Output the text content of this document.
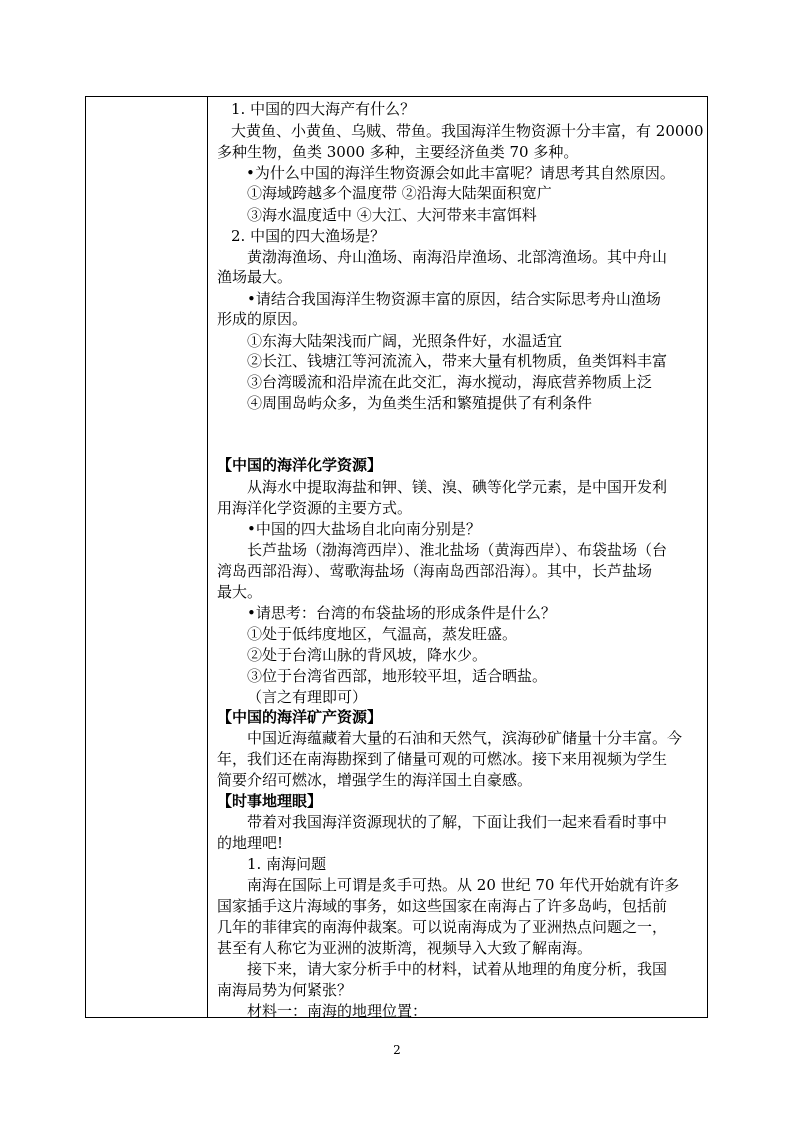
1. 中国的四大海产有什么？
大黄鱼、小黄鱼、乌贼、带鱼。我国海洋生物资源十分丰富，有 20000
多种生物，鱼类 3000 多种，主要经济鱼类 70 多种。
•为什么中国的海洋生物资源会如此丰富呢？请思考其自然原因。
①海域跨越多个温度带 ②沿海大陆架面积宽广
③海水温度适中 ④大江、大河带来丰富饵料
2. 中国的四大渔场是？
黄渤海渔场、舟山渔场、南海沿岸渔场、北部湾渔场。其中舟山
渔场最大。
•请结合我国海洋生物资源丰富的原因，结合实际思考舟山渔场
形成的原因。
①东海大陆架浅而广阔，光照条件好，水温适宜
②长江、钱塘江等河流流入，带来大量有机物质，鱼类饵料丰富
③台湾暖流和沿岸流在此交汇，海水搅动，海底营养物质上泛
④周围岛屿众多，为鱼类生活和繁殖提供了有利条件
【中国的海洋化学资源】
从海水中提取海盐和钾、镁、溴、碘等化学元素，是中国开发利
用海洋化学资源的主要方式。
•中国的四大盐场自北向南分别是？
长芦盐场（渤海湾西岸）、淮北盐场（黄海西岸）、布袋盐场（台
湾岛西部沿海）、莺歌海盐场（海南岛西部沿海）。其中，长芦盐场
最大。
•请思考：台湾的布袋盐场的形成条件是什么？
①处于低纬度地区，气温高，蒸发旺盛。
②处于台湾山脉的背风坡，降水少。
③位于台湾省西部，地形较平坦，适合晒盐。
（言之有理即可）
【中国的海洋矿产资源】
中国近海蕴藏着大量的石油和天然气，滨海砂矿储量十分丰富。今
年，我们还在南海勘探到了储量可观的可燃冰。接下来用视频为学生
简要介绍可燃冰，增强学生的海洋国土自豪感。
【时事地理眼】
带着对我国海洋资源现状的了解，下面让我们一起来看看时事中
的地理吧!
1. 南海问题
南海在国际上可谓是炙手可热。从 20 世纪 70 年代开始就有许多
国家插手这片海域的事务，如这些国家在南海占了许多岛屿，包括前
几年的菲律宾的南海仲裁案。可以说南海成为了亚洲热点问题之一，
甚至有人称它为亚洲的波斯湾，视频导入大致了解南海。
接下来，请大家分析手中的材料，试着从地理的角度分析，我国
南海局势为何紧张？
材料一：南海的地理位置：
2
